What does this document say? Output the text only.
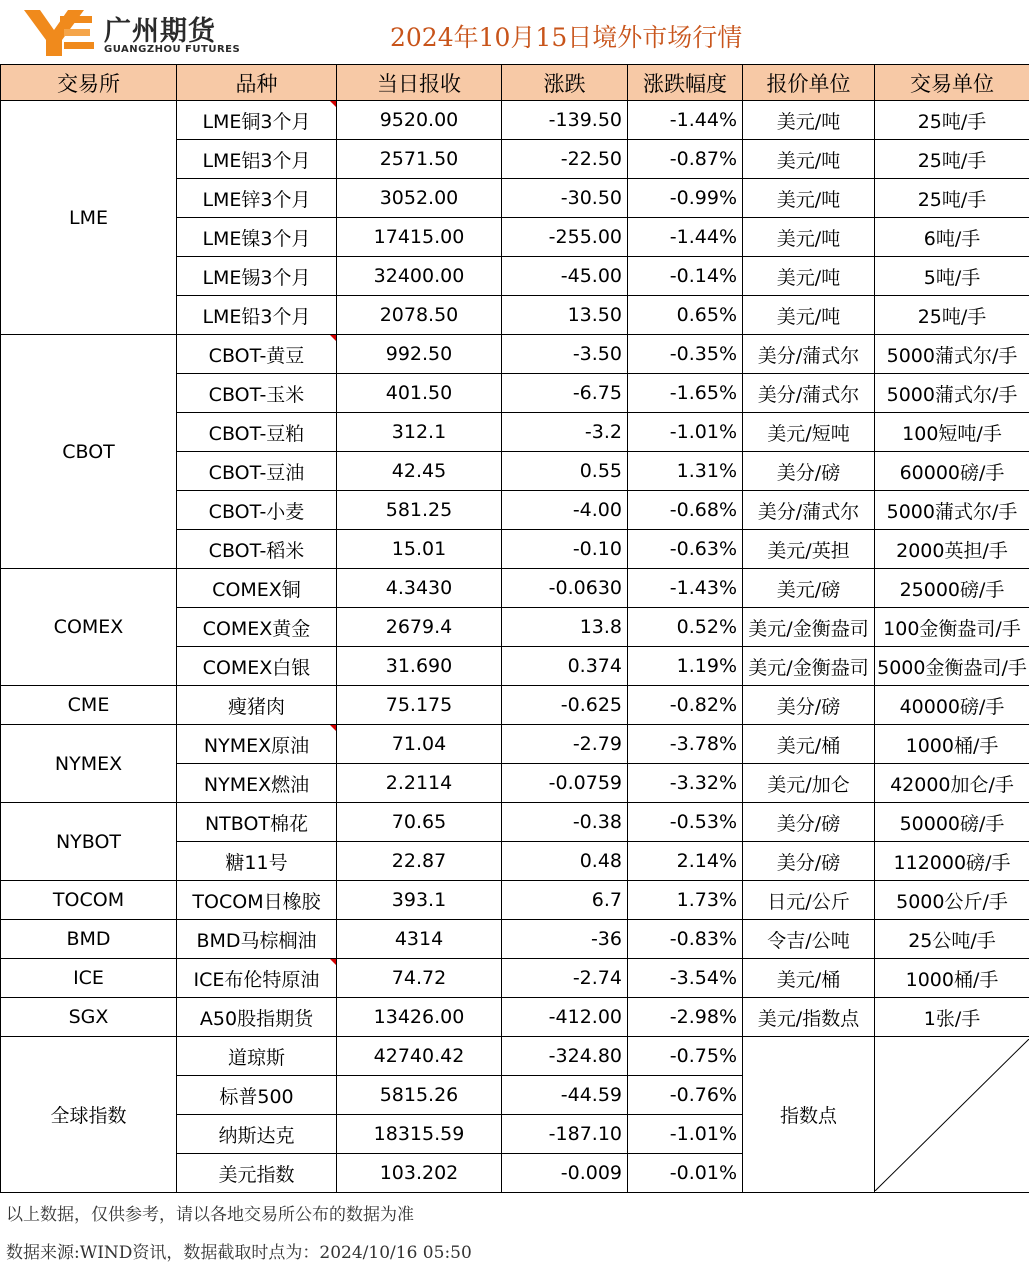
广州期货
GUANGZHOU FUTURES	2024年10月15日境外市场行情
交易所	品种	当日报收	涨跌	涨跌幅度	报价单位	交易单位
LME	LME铜3个月	9520.00	-139.50	-1.44%	美元/吨	25吨/手
	LME铝3个月	2571.50	-22.50	-0.87%	美元/吨	25吨/手
	LME锌3个月	3052.00	-30.50	-0.99%	美元/吨	25吨/手
	LME镍3个月	17415.00	-255.00	-1.44%	美元/吨	6吨/手
	LME锡3个月	32400.00	-45.00	-0.14%	美元/吨	5吨/手
	LME铅3个月	2078.50	13.50	0.65%	美元/吨	25吨/手
CBOT	CBOT-黄豆	992.50	-3.50	-0.35%	美分/蒲式尔	5000蒲式尔/手
	CBOT-玉米	401.50	-6.75	-1.65%	美分/蒲式尔	5000蒲式尔/手
	CBOT-豆粕	312.1	-3.2	-1.01%	美元/短吨	100短吨/手
	CBOT-豆油	42.45	0.55	1.31%	美分/磅	60000磅/手
	CBOT-小麦	581.25	-4.00	-0.68%	美分/蒲式尔	5000蒲式尔/手
	CBOT-稻米	15.01	-0.10	-0.63%	美元/英担	2000英担/手
COMEX	COMEX铜	4.3430	-0.0630	-1.43%	美元/磅	25000磅/手
	COMEX黄金	2679.4	13.8	0.52%	美元/金衡盎司	100金衡盎司/手
	COMEX白银	31.690	0.374	1.19%	美元/金衡盎司	5000金衡盎司/手
CME	瘦猪肉	75.175	-0.625	-0.82%	美分/磅	40000磅/手
NYMEX	NYMEX原油	71.04	-2.79	-3.78%	美元/桶	1000桶/手
	NYMEX燃油	2.2114	-0.0759	-3.32%	美元/加仑	42000加仑/手
NYBOT	NTBOT棉花	70.65	-0.38	-0.53%	美分/磅	50000磅/手
	糖11号	22.87	0.48	2.14%	美分/磅	112000磅/手
TOCOM	TOCOM日橡胶	393.1	6.7	1.73%	日元/公斤	5000公斤/手
BMD	BMD马棕榈油	4314	-36	-0.83%	令吉/公吨	25公吨/手
ICE	ICE布伦特原油	74.72	-2.74	-3.54%	美元/桶	1000桶/手
SGX	A50股指期货	13426.00	-412.00	-2.98%	美元/指数点	1张/手
全球指数	道琼斯	42740.42	-324.80	-0.75%	指数点	

	标普500	5815.26	-44.59	-0.76%		
	纳斯达克	18315.59	-187.10	-1.01%		
	美元指数	103.202	-0.009	-0.01%		
以上数据，仅供参考，请以各地交易所公布的数据为准
数据来源:WIND资讯，数据截取时点为：2024/10/16 05:50
